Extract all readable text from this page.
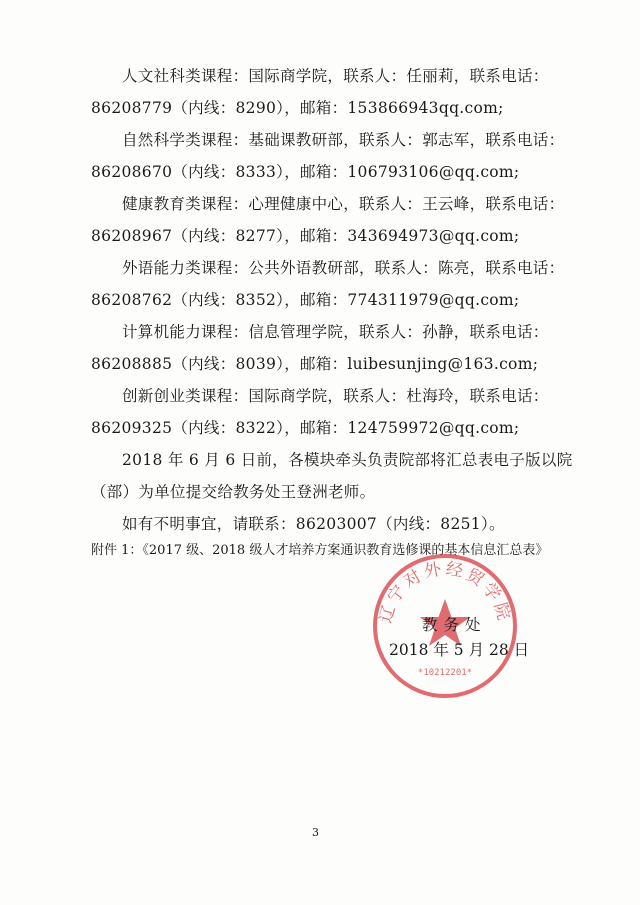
人文社科类课程：国际商学院，联系人：任丽莉，联系电话：
86208779（内线：8290），邮箱：153866943qq.com;
自然科学类课程：基础课教研部，联系人：郭志军，联系电话：
86208670（内线：8333），邮箱：106793106@qq.com;
健康教育类课程：心理健康中心，联系人：王云峰，联系电话：
86208967（内线：8277），邮箱：343694973@qq.com;
外语能力类课程：公共外语教研部，联系人：陈亮，联系电话：
86208762（内线：8352），邮箱：774311979@qq.com;
计算机能力课程：信息管理学院，联系人：孙静，联系电话：
86208885（内线：8039），邮箱：luibesunjing@163.com;
创新创业类课程：国际商学院，联系人：杜海玲，联系电话：
86209325（内线：8322），邮箱：124759972@qq.com;
2018 年 6 月 6 日前，各模块牵头负责院部将汇总表电子版以院
（部）为单位提交给教务处王登洲老师。
如有不明事宜，请联系：86203007（内线：8251）。
附件 1：《2017 级、2018 级人才培养方案通识教育选修课的基本信息汇总表》
辽宁对外经贸学院
*10212201*
教务处
2018 年 5 月 28 日
3
